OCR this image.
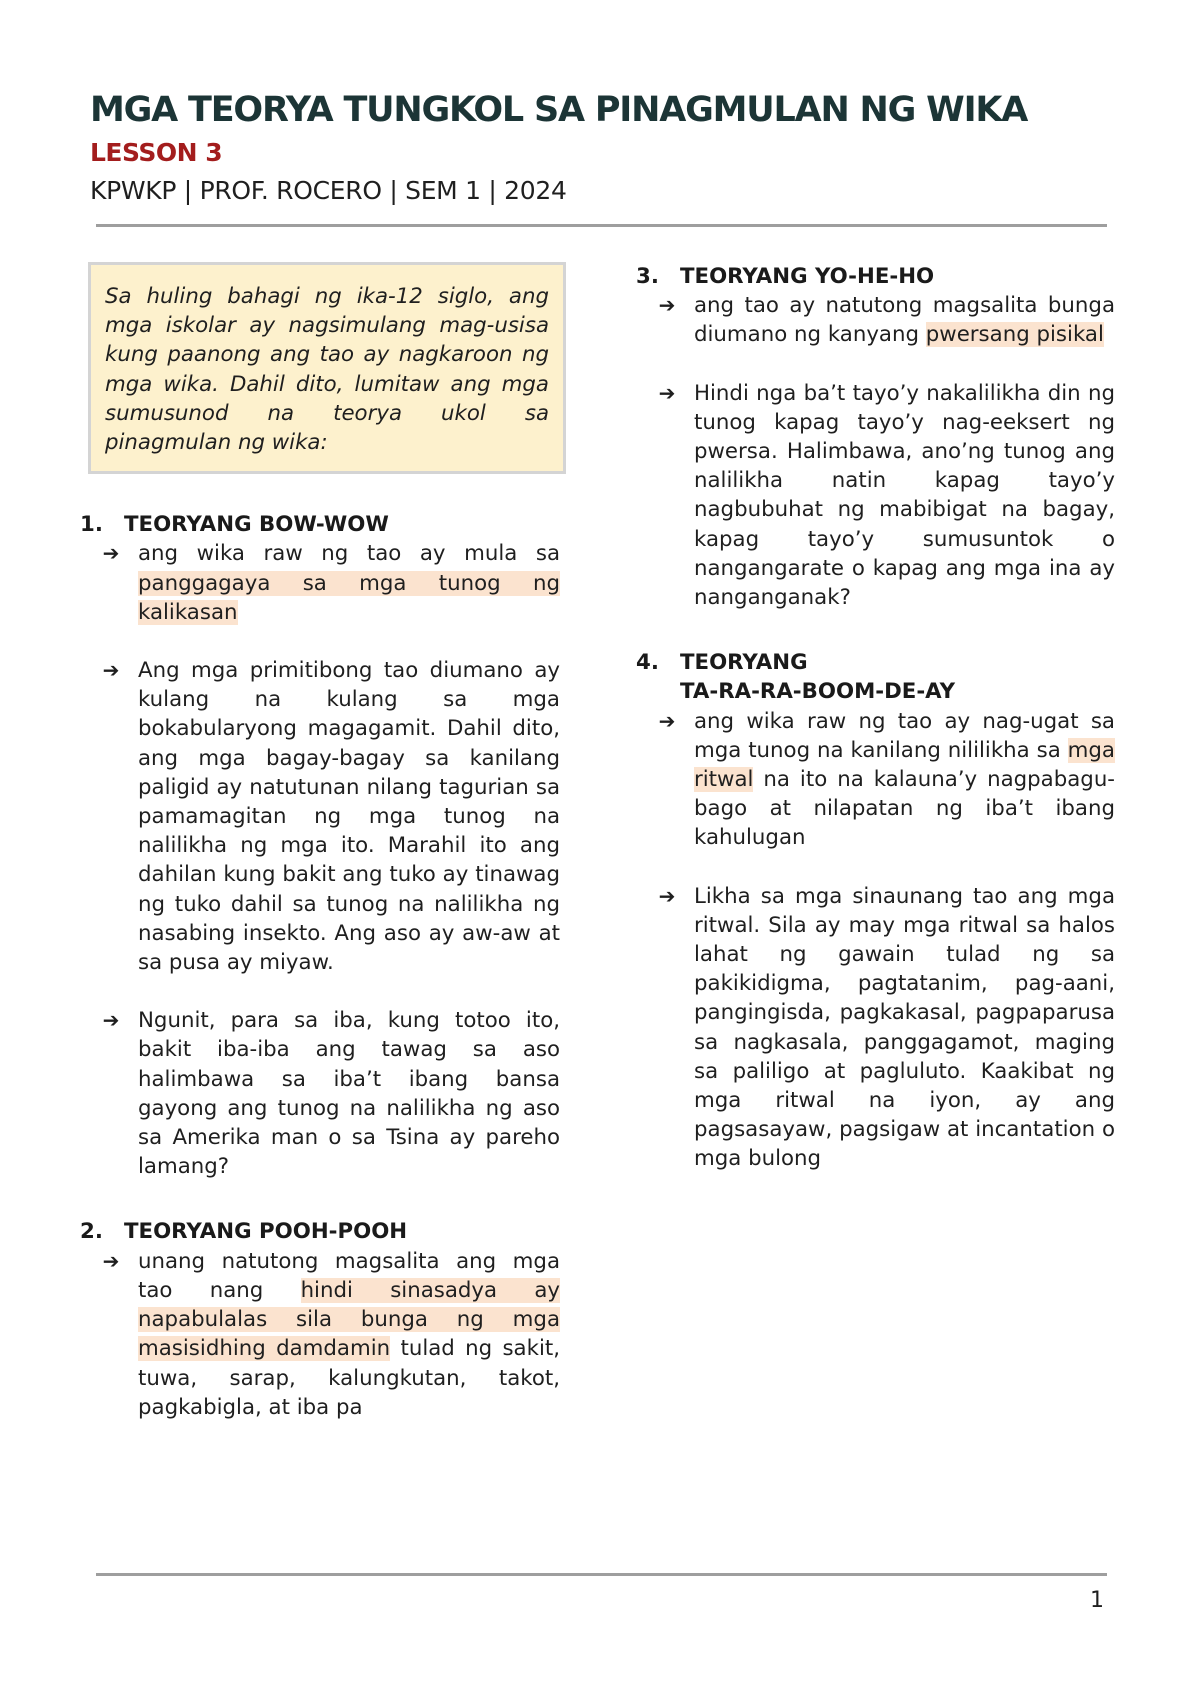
MGA TEORYA TUNGKOL SA PINAGMULAN NG WIKA
LESSON 3
KPWKP | PROF. ROCERO | SEM 1 | 2024
Sa huling bahagi ng ika-12 siglo, ang mga iskolar ay nagsimulang mag-usisa kung paanong ang tao ay nagkaroon ng mga wika. Dahil dito, lumitaw ang mga sumusunod na teorya ukol sa pinagmulan ng wika:
1. TEORYANG BOW-WOW
➔ ang wika raw ng tao ay mula sa panggagaya sa mga tunog ng kalikasan
➔ Ang mga primitibong tao diumano ay kulang na kulang sa mga bokabularyong magagamit. Dahil dito, ang mga bagay-bagay sa kanilang paligid ay natutunan nilang tagurian sa pamamagitan ng mga tunog na nalilikha ng mga ito. Marahil ito ang dahilan kung bakit ang tuko ay tinawag ng tuko dahil sa tunog na nalilikha ng nasabing insekto. Ang aso ay aw-aw at sa pusa ay miyaw.
➔ Ngunit, para sa iba, kung totoo ito, bakit iba-iba ang tawag sa aso halimbawa sa iba’t ibang bansa gayong ang tunog na nalilikha ng aso sa Amerika man o sa Tsina ay pareho lamang?
2. TEORYANG POOH-POOH
➔ unang natutong magsalita ang mga tao nang hindi sinasadya ay napabulalas sila bunga ng mga masisidhing damdamin tulad ng sakit, tuwa, sarap, kalungkutan, takot, pagkabigla, at iba pa
3. TEORYANG YO-HE-HO
➔ ang tao ay natutong magsalita bunga diumano ng kanyang pwersang pisikal
➔ Hindi nga ba’t tayo’y nakalilikha din ng tunog kapag tayo’y nag-eeksert ng pwersa. Halimbawa, ano’ng tunog ang nalilikha natin kapag tayo’y nagbubuhat ng mabibigat na bagay, kapag tayo’y sumusuntok o nangangarate o kapag ang mga ina ay nanganganak?
4. TEORYANG
TA-RA-RA-BOOM-DE-AY
➔ ang wika raw ng tao ay nag-ugat sa mga tunog na kanilang nililikha sa mga ritwal na ito na kalauna’y nagpabagu-bago at nilapatan ng iba’t ibang kahulugan
➔ Likha sa mga sinaunang tao ang mga ritwal. Sila ay may mga ritwal sa halos lahat ng gawain tulad ng sa pakikidigma, pagtatanim, pag-aani, pangingisda, pagkakasal, pagpaparusa sa nagkasala, panggagamot, maging sa paliligo at pagluluto. Kaakibat ng mga ritwal na iyon, ay ang pagsasayaw, pagsigaw at incantation o mga bulong
1
